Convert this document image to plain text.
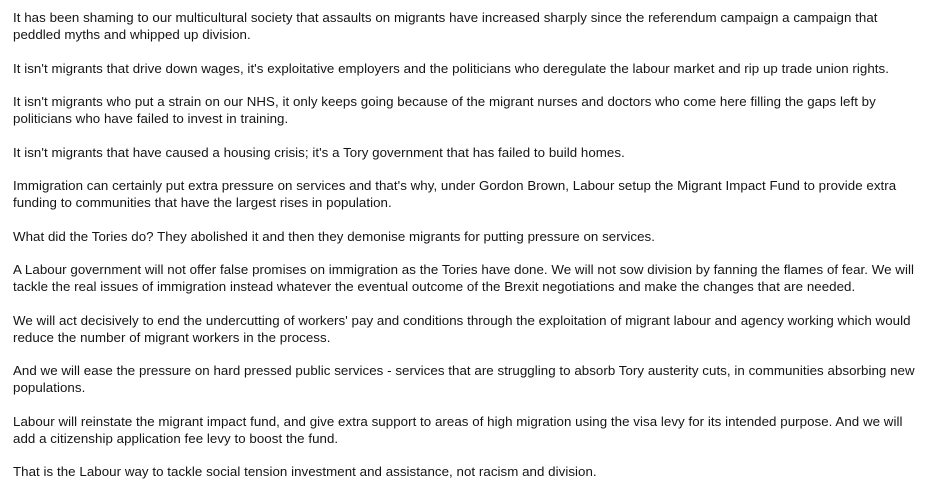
It has been shaming to our multicultural society that assaults on migrants have increased sharply since the referendum campaign a campaign that peddled myths and whipped up division.

It isn't migrants that drive down wages, it's exploitative employers and the politicians who deregulate the labour market and rip up trade union rights.

It isn't migrants who put a strain on our NHS, it only keeps going because of the migrant nurses and doctors who come here filling the gaps left by politicians who have failed to invest in training.

It isn't migrants that have caused a housing crisis; it's a Tory government that has failed to build homes.

Immigration can certainly put extra pressure on services and that's why, under Gordon Brown, Labour setup the Migrant Impact Fund to provide extra funding to communities that have the largest rises in population.

What did the Tories do? They abolished it and then they demonise migrants for putting pressure on services.

A Labour government will not offer false promises on immigration as the Tories have done. We will not sow division by fanning the flames of fear. We will tackle the real issues of immigration instead whatever the eventual outcome of the Brexit negotiations and make the changes that are needed.

We will act decisively to end the undercutting of workers' pay and conditions through the exploitation of migrant labour and agency working which would reduce the number of migrant workers in the process.

And we will ease the pressure on hard pressed public services - services that are struggling to absorb Tory austerity cuts, in communities absorbing new populations.

Labour will reinstate the migrant impact fund, and give extra support to areas of high migration using the visa levy for its intended purpose. And we will add a citizenship application fee levy to boost the fund.

That is the Labour way to tackle social tension investment and assistance, not racism and division.
